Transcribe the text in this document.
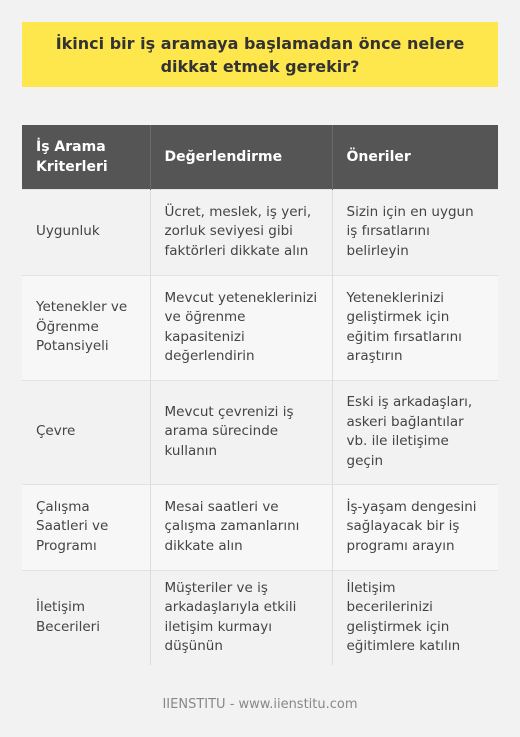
İkinci bir iş aramaya başlamadan önce nelere dikkat etmek gerekir?
İş Arama Kriterleri	Değerlendirme	Öneriler
Uygunluk	Ücret, meslek, iş yeri, zorluk seviyesi gibi faktörleri dikkate alın	Sizin için en uygun iş fırsatlarını belirleyin
Yetenekler ve Öğrenme Potansiyeli	Mevcut yeteneklerinizi ve öğrenme kapasitenizi değerlendirin	Yeteneklerinizi geliştirmek için eğitim fırsatlarını araştırın
Çevre	Mevcut çevrenizi iş arama sürecinde kullanın	Eski iş arkadaşları, askeri bağlantılar vb. ile iletişime geçin
Çalışma Saatleri ve Programı	Mesai saatleri ve çalışma zamanlarını dikkate alın	İş-yaşam dengesini sağlayacak bir iş programı arayın
İletişim Becerileri	Müşteriler ve iş arkadaşlarıyla etkili iletişim kurmayı düşünün	İletişim becerilerinizi geliştirmek için eğitimlere katılın
IIENSTITU - www.iienstitu.com
